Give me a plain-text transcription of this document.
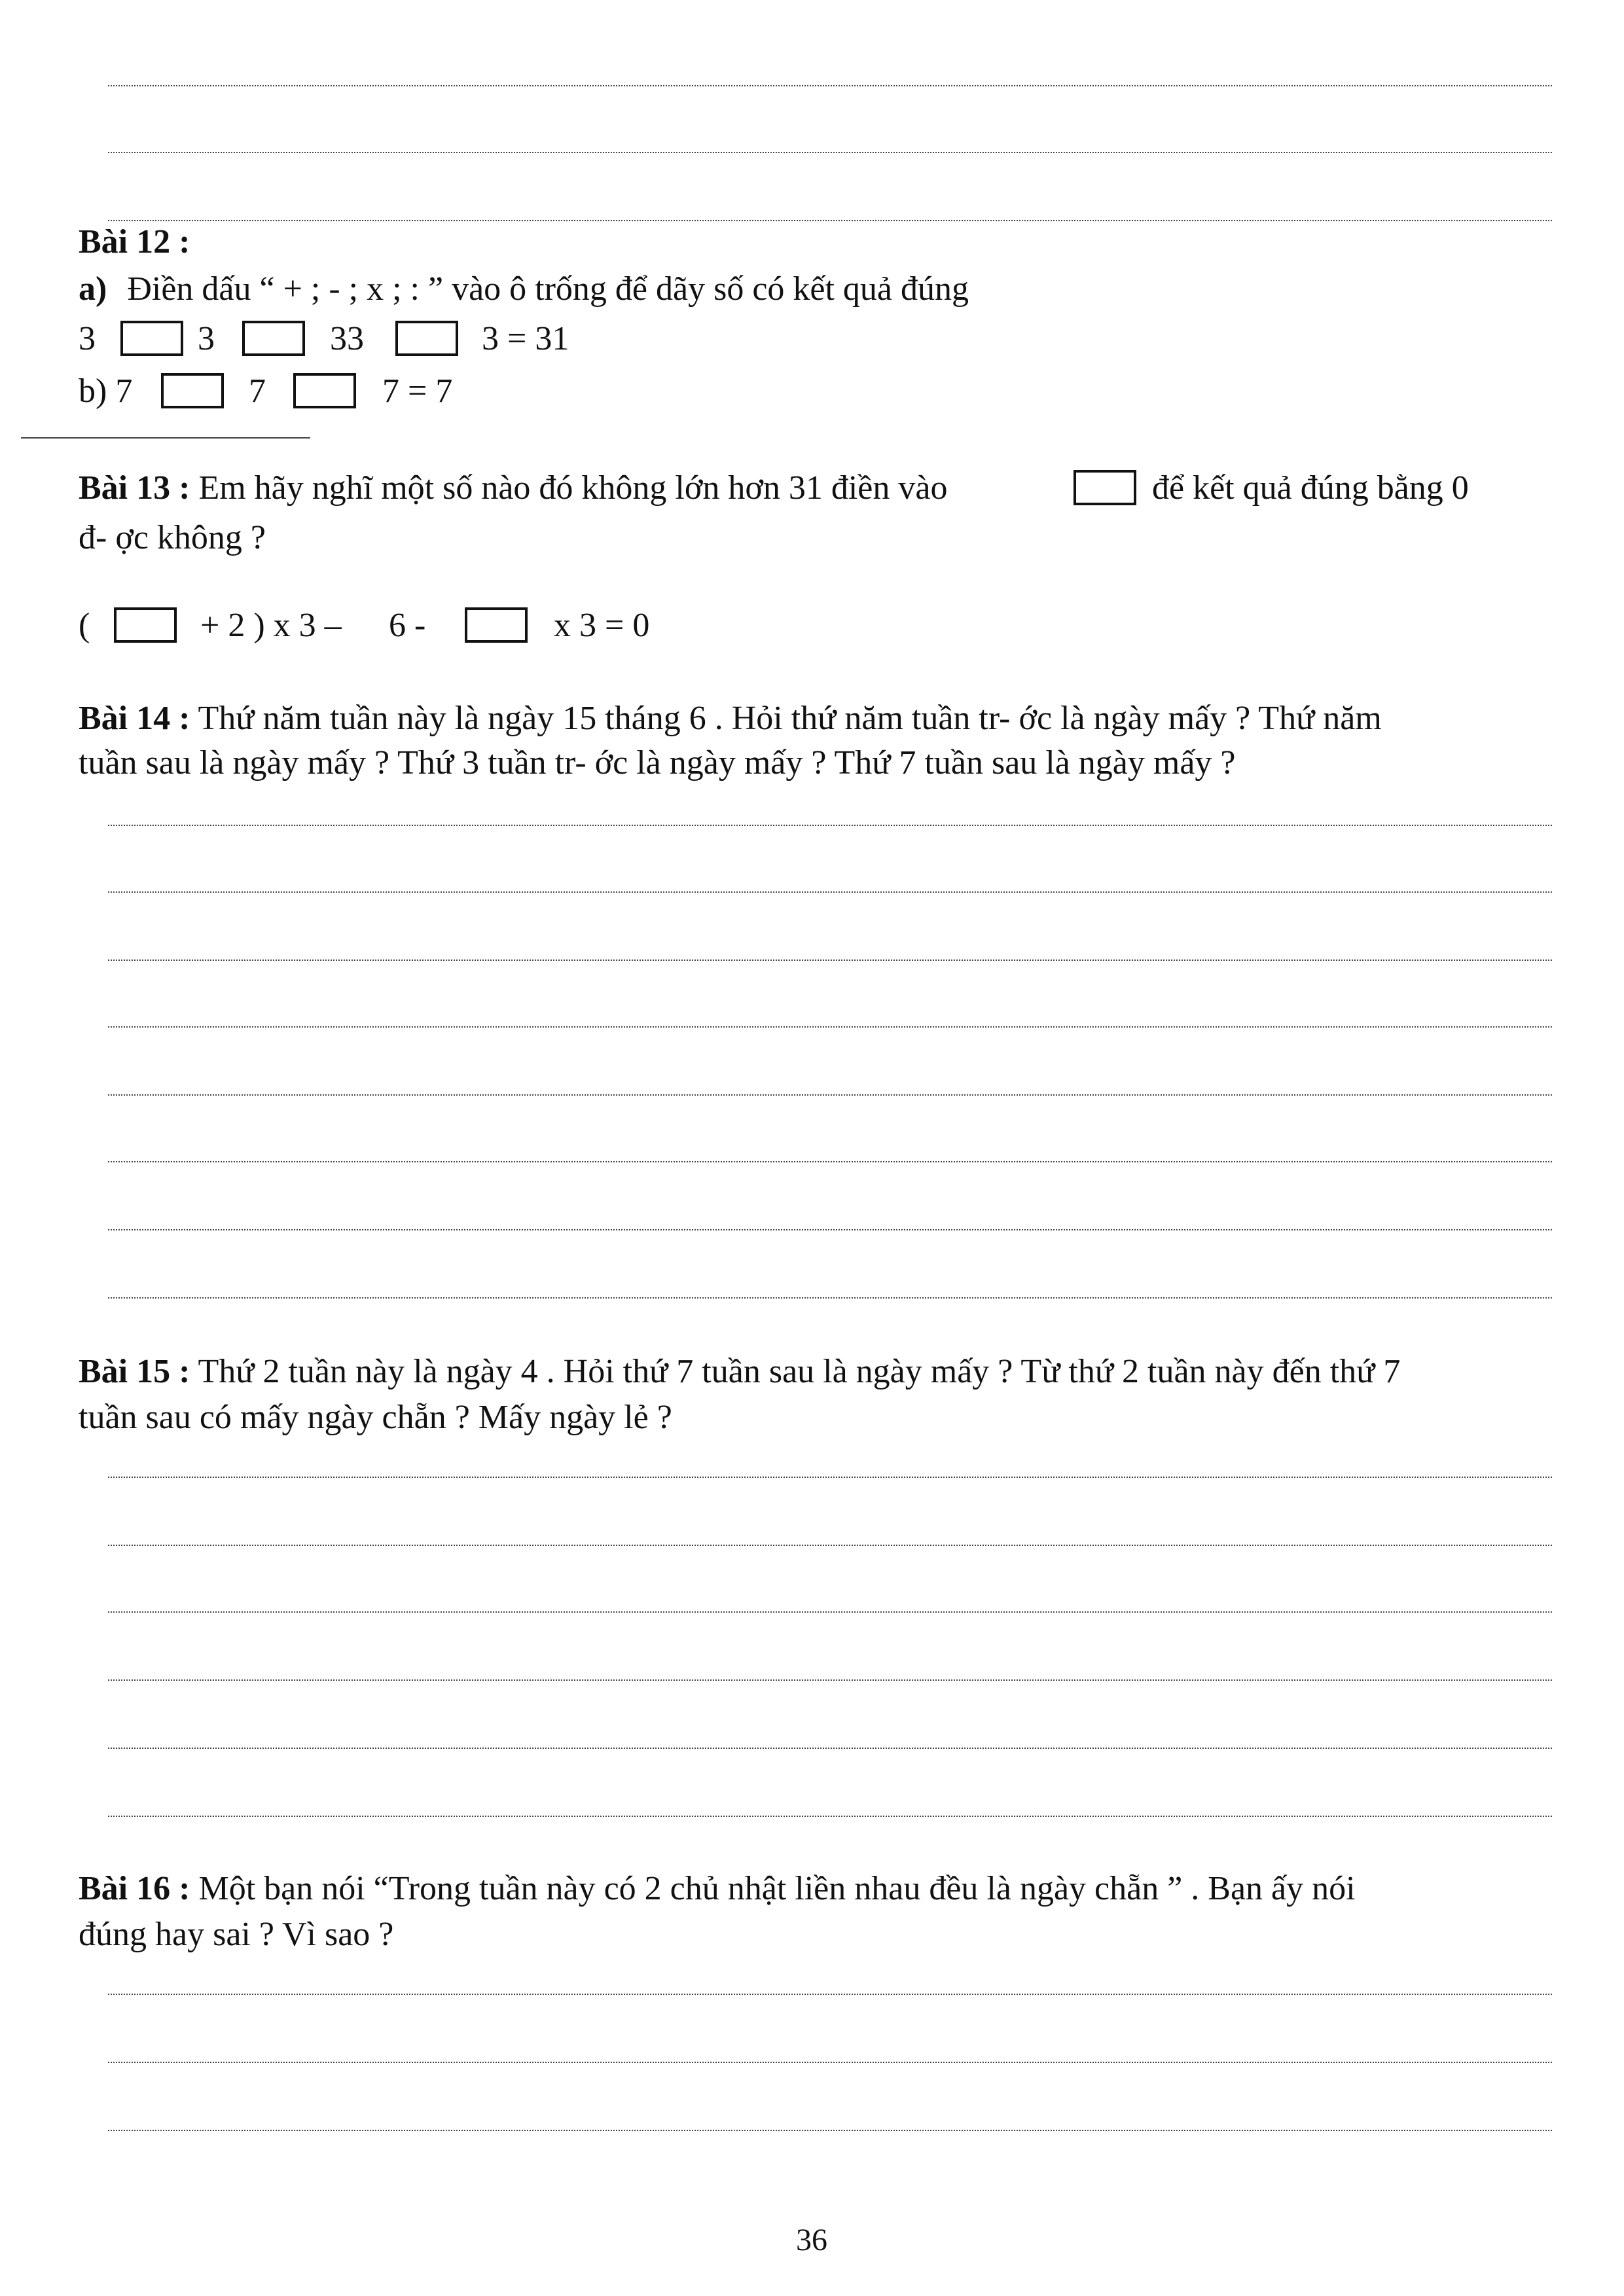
Bài 12 :
a) Điền dấu “ + ; - ; x ; : ” vào ô trống để dãy số có kết quả đúng
3	3	33	3 = 31
b) 7	7	7 = 7
Bài 13 : Em hãy nghĩ một số nào đó không lớn hơn 31 điền vào	để kết quả đúng bằng 0
đ- ợc không ?
(	+ 2 ) x 3 – 6 -	x 3 = 0
Bài 14 : Thứ năm tuần này là ngày 15 tháng 6 . Hỏi thứ năm tuần tr- ớc là ngày mấy ? Thứ năm
tuần sau là ngày mấy ? Thứ 3 tuần tr- ớc là ngày mấy ? Thứ 7 tuần sau là ngày mấy ?
Bài 15 : Thứ 2 tuần này là ngày 4 . Hỏi thứ 7 tuần sau là ngày mấy ? Từ thứ 2 tuần này đến thứ 7
tuần sau có mấy ngày chẵn ? Mấy ngày lẻ ?
Bài 16 : Một bạn nói “Trong tuần này có 2 chủ nhật liền nhau đều là ngày chẵn ” . Bạn ấy nói
đúng hay sai ? Vì sao ?
36
